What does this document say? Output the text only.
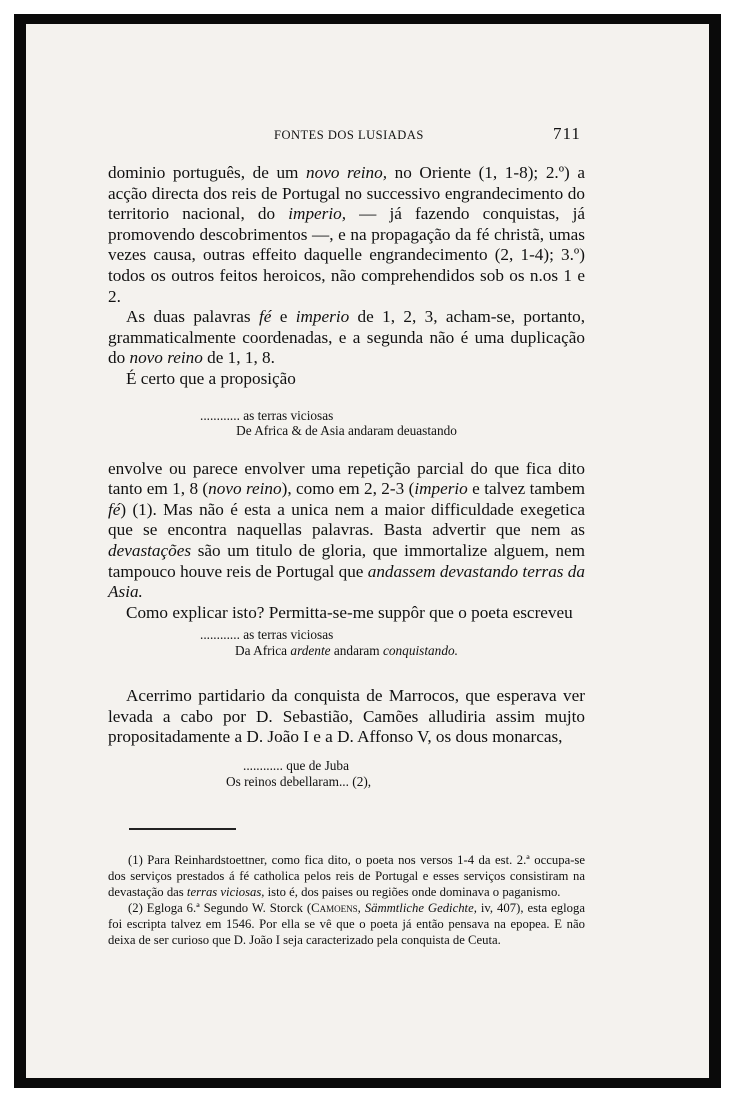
FONTES DOS LUSIADAS	711

dominio português, de um novo reino, no Oriente (1, 1-8); 2.º) a acção directa dos reis de Portugal no successivo engrandecimento do territorio nacional, do imperio, — já fazendo conquistas, já promovendo descobrimentos —, e na propagação da fé christã, umas vezes causa, outras effeito daquelle engrandecimento (2, 1-4); 3.º) todos os outros feitos heroicos, não comprehendidos sob os n.os 1 e 2.

As duas palavras fé e imperio de 1, 2, 3, acham-se, portanto, grammaticalmente coordenadas, e a segunda não é uma duplicação do novo reino de 1, 1, 8.

É certo que a proposição

............ as terras viciosas
De Africa & de Asia andaram deuastando

envolve ou parece envolver uma repetição parcial do que fica dito tanto em 1, 8 (novo reino), como em 2, 2-3 (imperio e talvez tambem fé) (1). Mas não é esta a unica nem a maior difficuldade exegetica que se encontra naquellas palavras. Basta advertir que nem as devastações são um titulo de gloria, que immortalize alguem, nem tampouco houve reis de Portugal que andassem devastando terras da Asia.

Como explicar isto? Permitta-se-me suppôr que o poeta escreveu

............ as terras viciosas
Da Africa ardente andaram conquistando.

Acerrimo partidario da conquista de Marrocos, que esperava ver levada a cabo por D. Sebastião, Camões alludiria assim mujto propositadamente a D. João I e a D. Affonso V, os dous monarcas,

............ que de Juba
Os reinos debellaram... (2),

(1) Para Reinhardstoettner, como fica dito, o poeta nos versos 1-4 da est. 2.ª occupa-se dos serviços prestados á fé catholica pelos reis de Portugal e esses serviços consistiram na devastação das terras viciosas, isto é, dos paises ou regiões onde dominava o paganismo.

(2) Egloga 6.ª Segundo W. Storck (Camoens, Sämmtliche Gedichte, iv, 407), esta egloga foi escripta talvez em 1546. Por ella se vê que o poeta já então pensava na epopea. E não deixa de ser curioso que D. João I seja caracterizado pela conquista de Ceuta.
